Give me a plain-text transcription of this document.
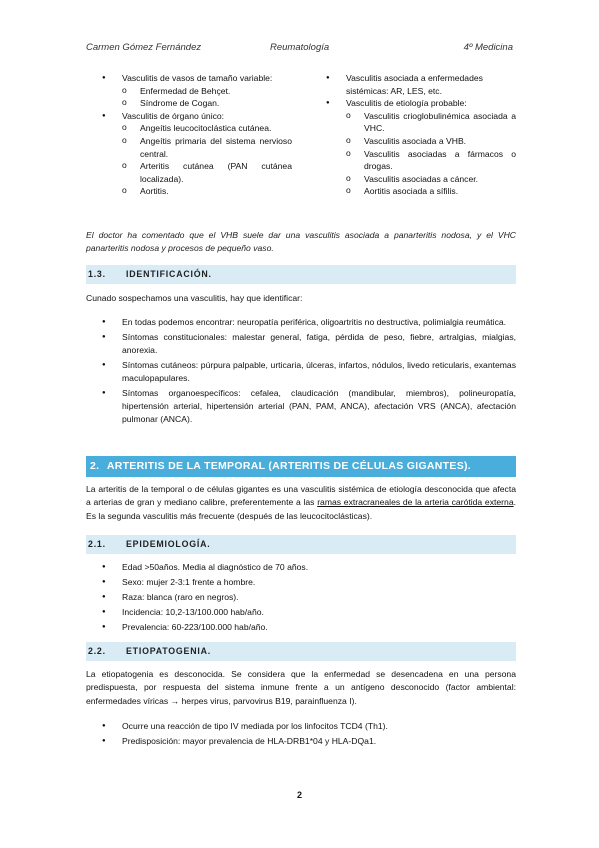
Carmen Gómez Fernández	Reumatología	4º Medicina
● Vasculitis de vasos de tamaño variable:
o Enfermedad de Behçet.
o Síndrome de Cogan.
● Vasculitis de órgano único:
o Angeítis leucocitoclástica cutánea.
o Angeítis primaria del sistema nervioso central.
o Arteritis cutánea (PAN cutánea localizada).
o Aortitis.
● Vasculitis asociada a enfermedades sistémicas: AR, LES, etc.
● Vasculitis de etiología probable:
o Vasculitis crioglobulinémica asociada a VHC.
o Vasculitis asociada a VHB.
o Vasculitis asociadas a fármacos o drogas.
o Vasculitis asociadas a cáncer.
o Aortitis asociada a sífilis.
El doctor ha comentado que el VHB suele dar una vasculitis asociada a panarteritis nodosa, y el VHC panarteritis nodosa y procesos de pequeño vaso.
1.3. IDENTIFICACIÓN.
Cunado sospechamos una vasculitis, hay que identificar:
● En todas podemos encontrar: neuropatía periférica, oligoartritis no destructiva, polimialgia reumática.
● Síntomas constitucionales: malestar general, fatiga, pérdida de peso, fiebre, artralgias, mialgias, anorexia.
● Síntomas cutáneos: púrpura palpable, urticaria, úlceras, infartos, nódulos, livedo reticularis, exantemas maculopapulares.
● Síntomas organoespecíficos: cefalea, claudicación (mandibular, miembros), polineuropatía, hipertensión arterial, hipertensión arterial (PAN, PAM, ANCA), afectación VRS (ANCA), afectación pulmonar (ANCA).
2. ARTERITIS DE LA TEMPORAL (ARTERITIS DE CÉLULAS GIGANTES).
La arteritis de la temporal o de células gigantes es una vasculitis sistémica de etiología desconocida que afecta a arterias de gran y mediano calibre, preferentemente a las ramas extracraneales de la arteria carótida externa. Es la segunda vasculitis más frecuente (después de las leucocitoclásticas).
2.1. EPIDEMIOLOGÍA.
● Edad >50años. Media al diagnóstico de 70 años.
● Sexo: mujer 2-3:1 frente a hombre.
● Raza: blanca (raro en negros).
● Incidencia: 10,2-13/100.000 hab/año.
● Prevalencia: 60-223/100.000 hab/año.
2.2. ETIOPATOGENIA.
La etiopatogenia es desconocida. Se considera que la enfermedad se desencadena en una persona predispuesta, por respuesta del sistema inmune frente a un antígeno desconocido (factor ambiental: enfermedades víricas → herpes virus, parvovirus B19, parainfluenza I).
● Ocurre una reacción de tipo IV mediada por los linfocitos TCD4 (Th1).
● Predisposición: mayor prevalencia de HLA-DRB1*04 y HLA-DQa1.
2
